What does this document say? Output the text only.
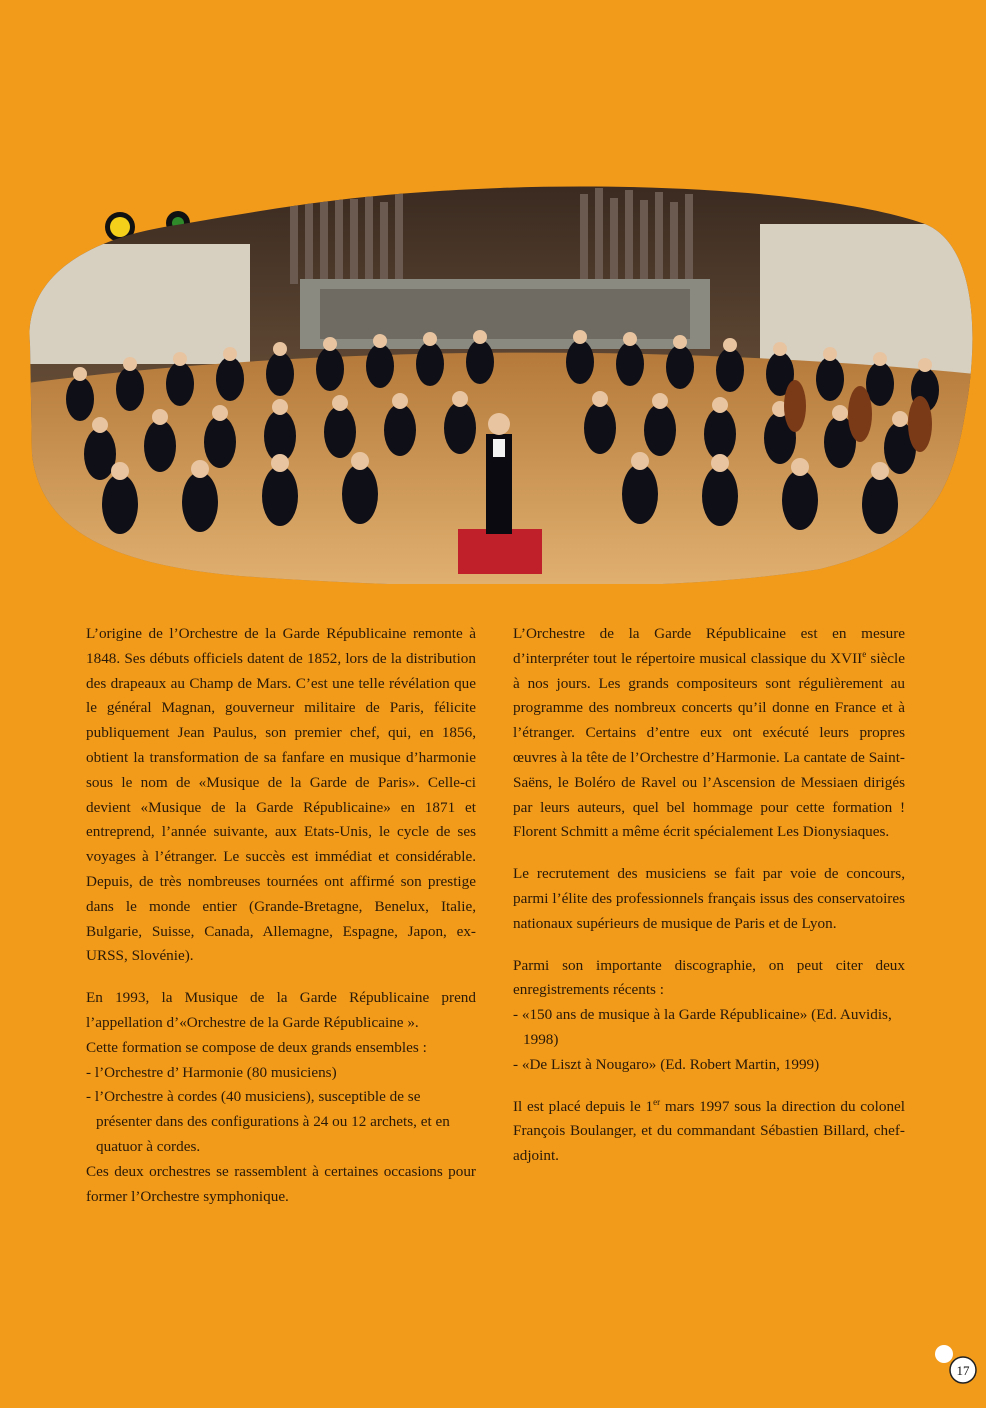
L’origine de l’Orchestre de la Garde Républicaine remonte à 1848. Ses débuts officiels datent de 1852, lors de la distribution des drapeaux au Champ de Mars. C’est une telle révélation que le général Magnan, gouverneur militaire de Paris, félicite publiquement Jean Paulus, son premier chef, qui, en 1856, obtient la transformation de sa fanfare en musique d’harmonie sous le nom de «Musique de la Garde de Paris». Celle-ci devient «Musique de la Garde Républicaine» en 1871 et entreprend, l’année suivante, aux Etats-Unis, le cycle de ses voyages à l’étranger. Le succès est immédiat et considérable. Depuis, de très nombreuses tournées ont affirmé son prestige dans le monde entier (Grande-Bretagne, Benelux, Italie, Bulgarie, Suisse, Canada, Allemagne, Espagne, Japon, ex-URSS, Slovénie).

En 1993, la Musique de la Garde Républicaine prend l’appellation d’«Orchestre de la Garde Républicaine ».

Cette formation se compose de deux grands ensembles :

- l’Orchestre d’ Harmonie (80 musiciens)
- l’Orchestre à cordes (40 musiciens), susceptible de se présenter dans des configurations à 24 ou 12 archets, et en quatuor à cordes.

Ces deux orchestres se rassemblent à certaines occasions pour former l’Orchestre symphonique.

L’Orchestre de la Garde Républicaine est en mesure d’interpréter tout le répertoire musical classique du XVIIe siècle à nos jours. Les grands compositeurs sont régulièrement au programme des nombreux concerts qu’il donne en France et à l’étranger. Certains d’entre eux ont exécuté leurs propres œuvres à la tête de l’Orchestre d’Harmonie. La cantate de Saint-Saëns, le Boléro de Ravel ou l’Ascension de Messiaen dirigés par leurs auteurs, quel bel hommage pour cette formation ! Florent Schmitt a même écrit spécialement Les Dionysiaques.

Le recrutement des musiciens se fait par voie de concours, parmi l’élite des professionnels français issus des conservatoires nationaux supérieurs de musique de Paris et de Lyon.

Parmi son importante discographie, on peut citer deux enregistrements récents :

- «150 ans de musique à la Garde Républicaine» (Ed. Auvidis, 1998)
- «De Liszt à Nougaro» (Ed. Robert Martin, 1999)

Il est placé depuis le 1er mars 1997 sous la direction du colonel François Boulanger, et du commandant Sébastien Billard, chef-adjoint.

17
